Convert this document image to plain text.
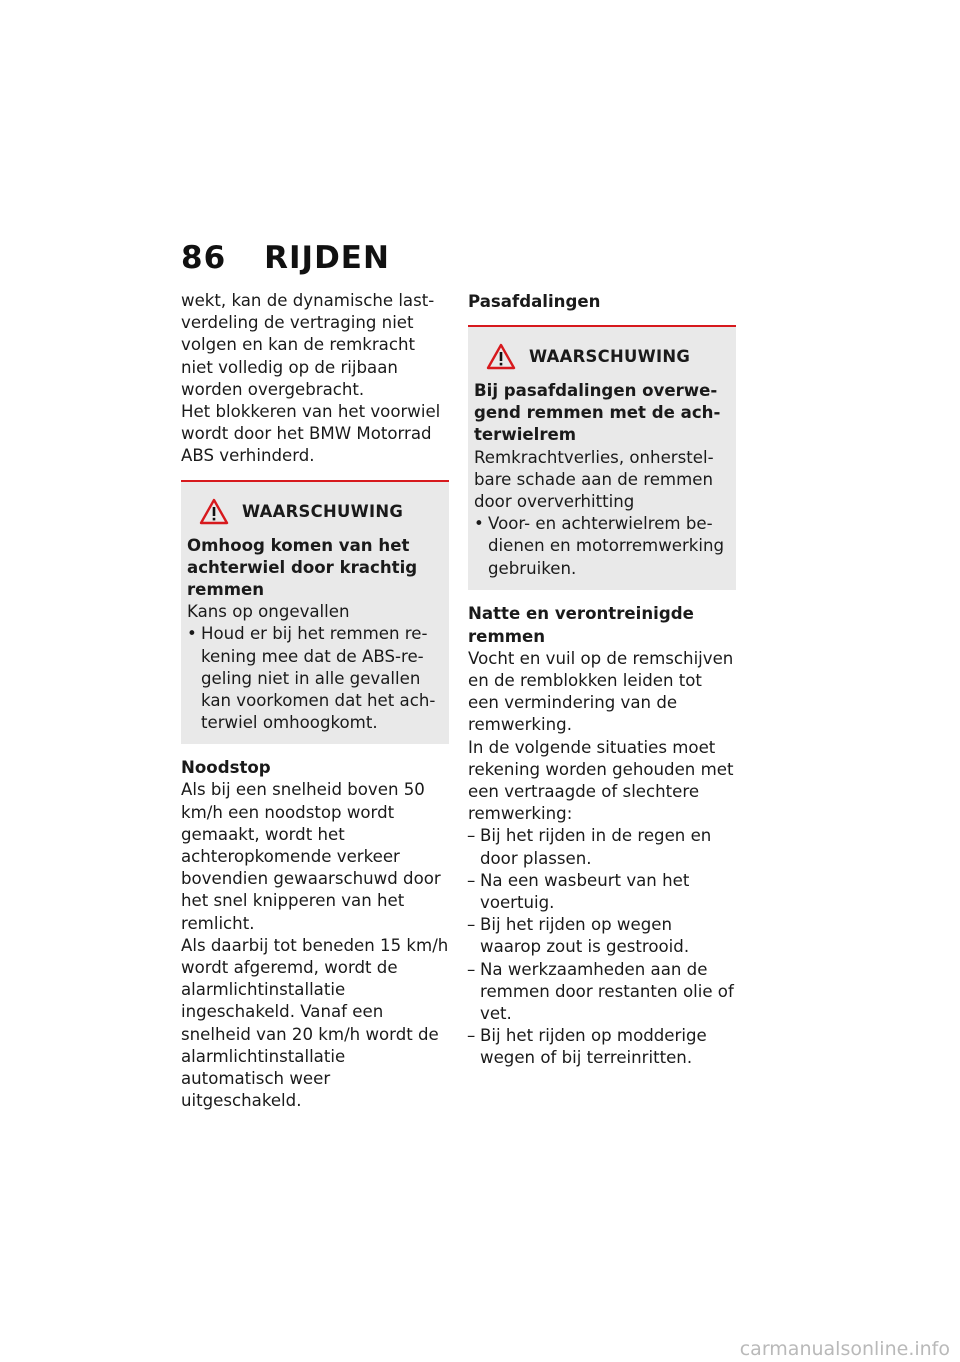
86 RIJDEN

wekt, kan de dynamische lastverdeling de vertraging niet volgen en kan de remkracht niet volledig op de rijbaan worden overgebracht.

Het blokkeren van het voorwiel wordt door het BMW Motorrad ABS verhinderd.

WAARSCHUWING
Omhoog komen van het achterwiel door krachtig remmen
Kans op ongevallen
• Houd er bij het remmen rekening mee dat de ABS-regeling niet in alle gevallen kan voorkomen dat het achterwiel omhoogkomt.
Noodstop

Als bij een snelheid boven 50 km/h een noodstop wordt gemaakt, wordt het achteropkomende verkeer bovendien gewaarschuwd door het snel knipperen van het remlicht.

Als daarbij tot beneden 15 km/h wordt afgeremd, wordt de alarmlichtinstallatie ingeschakeld. Vanaf een snelheid van 20 km/h wordt de alarmlichtinstallatie automatisch weer uitgeschakeld.

Pasafdalingen
WAARSCHUWING
Bij pasafdalingen overwegend remmen met de achterwielrem
Remkrachtverlies, onherstelbare schade aan de remmen door oververhitting
• Voor- en achterwielrem bedienen en motorremwerking gebruiken.
Natte en verontreinigde remmen

Vocht en vuil op de remschijven en de remblokken leiden tot een vermindering van de remwerking.

In de volgende situaties moet rekening worden gehouden met een vertraagde of slechtere remwerking:

– Bij het rijden in de regen en door plassen.
– Na een wasbeurt van het voertuig.
– Bij het rijden op wegen waarop zout is gestrooid.
– Na werkzaamheden aan de remmen door restanten olie of vet.
– Bij het rijden op modderige wegen of bij terreinritten.
carmanualsonline.info
